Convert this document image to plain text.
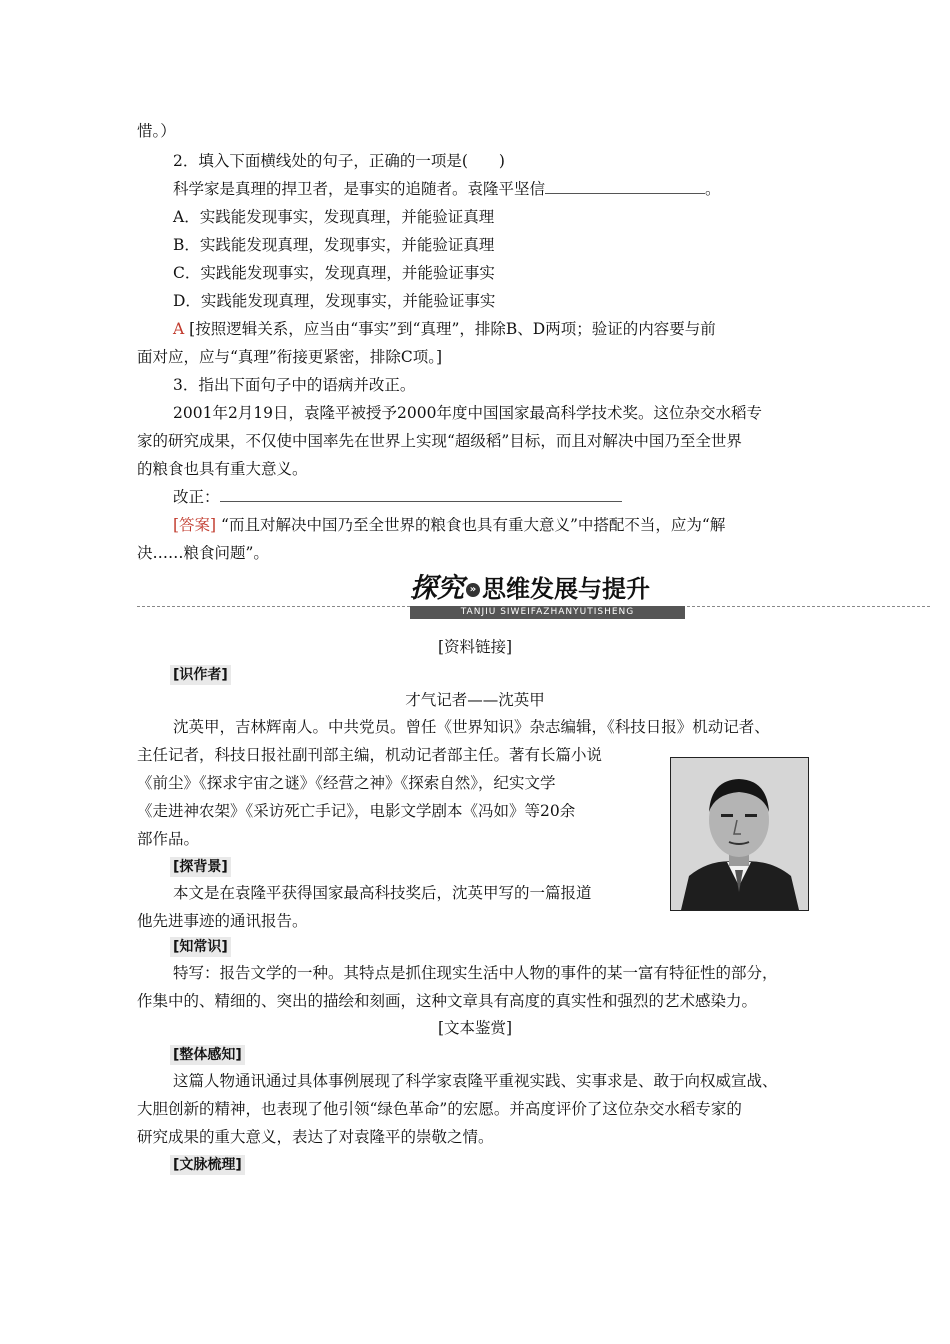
惜。）
2．填入下面横线处的句子，正确的一项是(　　)
科学家是真理的捍卫者，是事实的追随者。袁隆平坚信	。
A．实践能发现事实，发现真理，并能验证真理
B．实践能发现真理，发现事实，并能验证真理
C．实践能发现事实，发现真理，并能验证事实
D．实践能发现真理，发现事实，并能验证事实
A [按照逻辑关系，应当由“事实”到“真理”，排除B、D两项；验证的内容要与前
面对应，应与“真理”衔接更紧密，排除C项。]
3．指出下面句子中的语病并改正。
2001年2月19日，袁隆平被授予2000年度中国国家最高科学技术奖。这位杂交水稻专
家的研究成果，不仅使中国率先在世界上实现“超级稻”目标，而且对解决中国乃至全世界
的粮食也具有重大意义。
改正：
[答案] “而且对解决中国乃至全世界的粮食也具有重大意义”中搭配不当，应为“解
决……粮食问题”。
探究 » 思维发展与提升
TANJIU SIWEIFAZHANYUTISHENG
[资料链接]
[ 识作者 ]
才气记者——沈英甲
沈英甲，吉林辉南人。中共党员。曾任《世界知识》杂志编辑，《科技日报》机动记者、
主任记者，科技日报社副刊部主编，机动记者部主任。著有长篇小说
《前尘》《探求宇宙之谜》《经营之神》《探索自然》，纪实文学
《走进神农架》《采访死亡手记》，电影文学剧本《冯如》等20余
部作品。
[ 探背景 ]
本文是在袁隆平获得国家最高科技奖后，沈英甲写的一篇报道
他先进事迹的通讯报告。
[ 知常识 ]
特写：报告文学的一种。其特点是抓住现实生活中人物的事件的某一富有特征性的部分，
作集中的、精细的、突出的描绘和刻画，这种文章具有高度的真实性和强烈的艺术感染力。
[文本鉴赏]
[ 整体感知 ]
这篇人物通讯通过具体事例展现了科学家袁隆平重视实践、实事求是、敢于向权威宣战、
大胆创新的精神，也表现了他引领“绿色革命”的宏愿。并高度评价了这位杂交水稻专家的
研究成果的重大意义，表达了对袁隆平的崇敬之情。
[ 文脉梳理 ]
